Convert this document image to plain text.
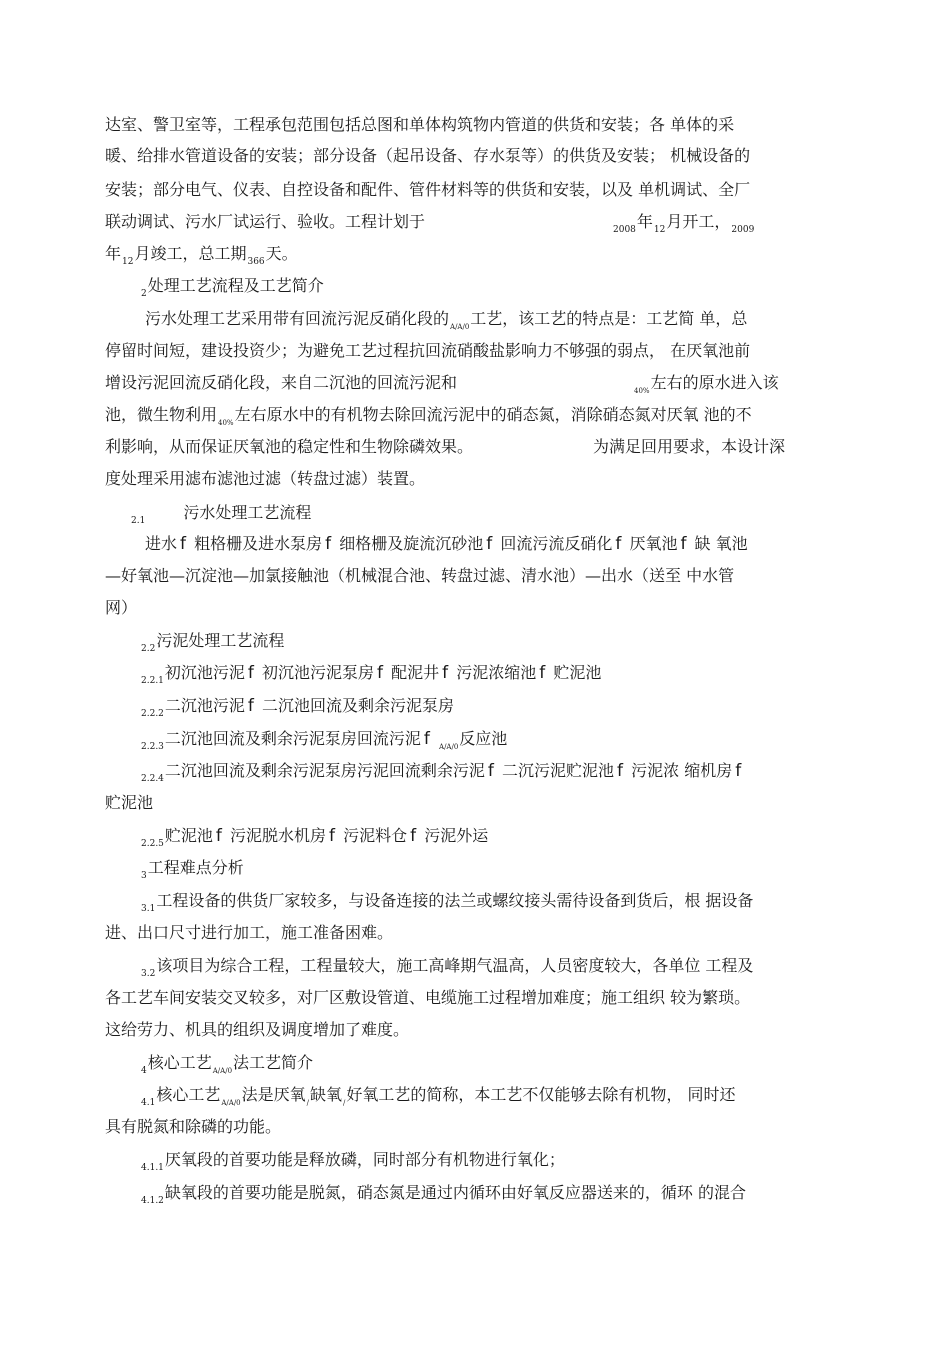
达室、警卫室等，工程承包范围包括总图和单体构筑物内管道的供货和安装；各 单体的采
暖、给排水管道设备的安装；部分设备（起吊设备、存水泵等）的供货及安装； 机械设备的
安装；部分电气、仪表、自控设备和配件、管件材料等的供货和安装，以及 单机调试、全厂
联动调试、污水厂试运行、验收。工程计划于	2008年12月开工，2009
年12月竣工，总工期366天。
2处理工艺流程及工艺简介
污水处理工艺采用带有回流污泥反硝化段的A/A/0工艺，该工艺的特点是：工艺简 单，总
停留时间短，建设投资少；为避免工艺过程抗回流硝酸盐影响力不够强的弱点， 在厌氧池前
增设污泥回流反硝化段，来自二沉池的回流污泥和	40%左右的原水进入该
池，微生物利用40%左右原水中的有机物去除回流污泥中的硝态氮，消除硝态氮对厌氧 池的不
利影响，从而保证厌氧池的稳定性和生物除磷效果。	为满足回用要求，本设计深
度处理采用滤布滤池过滤（转盘过滤）装置。
2.1 污水处理工艺流程
进水 f 粗格栅及进水泵房 f 细格栅及旋流沉砂池 f 回流污流反硝化 f 厌氧池 f 缺 氧池
—好氧池—沉淀池—加氯接触池（机械混合池、转盘过滤、清水池）—出水（送至 中水管
网）
2.2污泥处理工艺流程
2.2.1初沉池污泥 f 初沉池污泥泵房 f 配泥井 f 污泥浓缩池 f 贮泥池
2.2.2二沉池污泥 f 二沉池回流及剩余污泥泵房
2.2.3二沉池回流及剩余污泥泵房回流污泥 f A/A/0反应池
2.2.4二沉池回流及剩余污泥泵房污泥回流剩余污泥 f 二沉污泥贮泥池 f 污泥浓 缩机房 f
贮泥池
2.2.5贮泥池 f 污泥脱水机房 f 污泥料仓 f 污泥外运
3工程难点分析
3.1工程设备的供货厂家较多，与设备连接的法兰或螺纹接头需待设备到货后，根 据设备
进、出口尺寸进行加工，施工准备困难。
3.2该项目为综合工程，工程量较大，施工高峰期气温高，人员密度较大，各单位 工程及
各工艺车间安装交叉较多，对厂区敷设管道、电缆施工过程增加难度；施工组织 较为繁琐。
这给劳力、机具的组织及调度增加了难度。
4核心工艺A/A/0法工艺简介
4.1核心工艺A/A/0法是厌氧/缺氧/好氧工艺的简称，本工艺不仅能够去除有机物， 同时还
具有脱氮和除磷的功能。
4.1.1厌氧段的首要功能是释放磷，同时部分有机物进行氧化；
4.1.2缺氧段的首要功能是脱氮，硝态氮是通过内循环由好氧反应器送来的，循环 的混合
